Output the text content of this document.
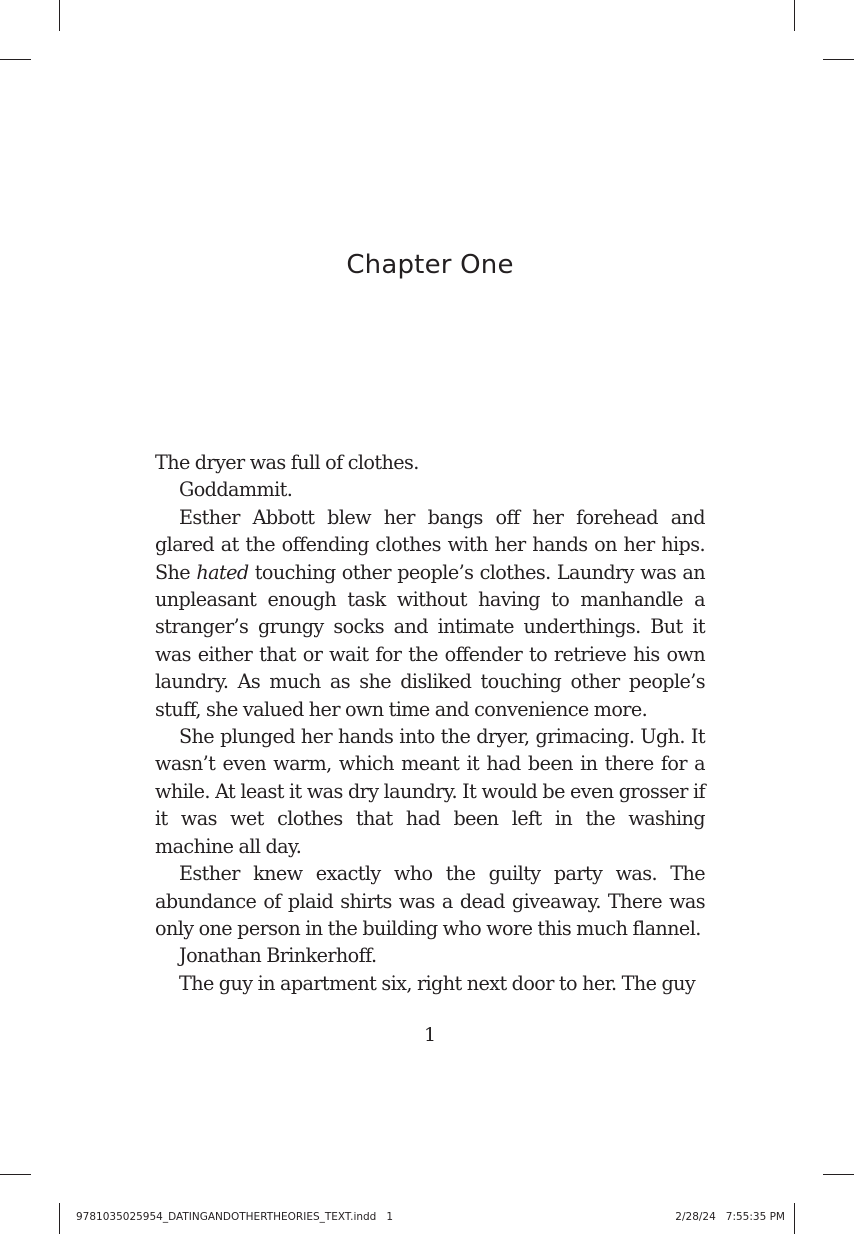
Chapter One

The dryer was full of clothes.

Goddammit.

Esther Abbott blew her bangs off her forehead and glared at the offending clothes with her hands on her hips. She hated touching other people’s clothes. Laundry was an unpleasant enough task without having to manhandle a stranger’s grungy socks and intimate underthings. But it was either that or wait for the offender to retrieve his own laundry. As much as she disliked touching other people’s stuff, she valued her own time and convenience more.

She plunged her hands into the dryer, grimacing. Ugh. It wasn’t even warm, which meant it had been in there for a while. At least it was dry laundry. It would be even grosser if it was wet clothes that had been left in the washing machine all day.

Esther knew exactly who the guilty party was. The abundance of plaid shirts was a dead giveaway. There was only one person in the building who wore this much flannel.

Jonathan Brinkerhoff.

The guy in apartment six, right next door to her. The guy

1
9781035025954_DATINGANDOTHERTHEORIES_TEXT.indd   1	2/28/24   7:55:35 PM
